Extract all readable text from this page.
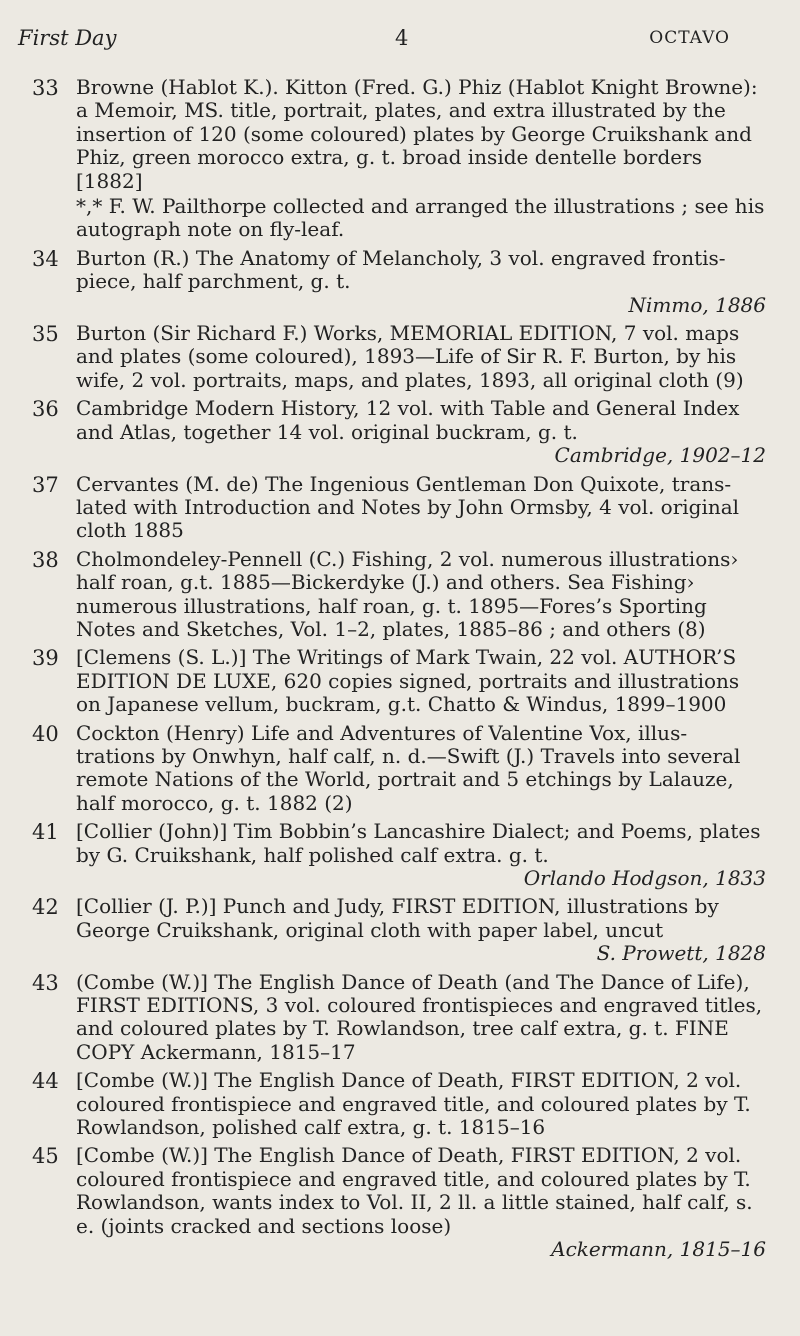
First Day	4	OCTAVO
33 Browne (Hablot K.). Kitton (Fred. G.) Phiz (Hablot Knight Browne): a Memoir, MS. title, portrait, plates, and extra illustrated by the insertion of 120 (some coloured) plates by George Cruikshank and Phiz, green morocco extra, g. t. broad inside dentelle borders [1882]
*,* F. W. Pailthorpe collected and arranged the illustrations ; see his autograph note on fly-leaf.
34 Burton (R.) The Anatomy of Melancholy, 3 vol. engraved frontis-piece, half parchment, g. t.
Nimmo, 1886
35 Burton (Sir Richard F.) Works, MEMORIAL EDITION, 7 vol. maps and plates (some coloured), 1893—Life of Sir R. F. Burton, by his wife, 2 vol. portraits, maps, and plates, 1893, all original cloth (9)
36 Cambridge Modern History, 12 vol. with Table and General Index and Atlas, together 14 vol. original buckram, g. t.
Cambridge, 1902–12
37 Cervantes (M. de) The Ingenious Gentleman Don Quixote, trans-lated with Introduction and Notes by John Ormsby, 4 vol. original cloth 1885
38 Cholmondeley-Pennell (C.) Fishing, 2 vol. numerous illustrations› half roan, g.t. 1885—Bickerdyke (J.) and others. Sea Fishing› numerous illustrations, half roan, g. t. 1895—Fores’s Sporting Notes and Sketches, Vol. 1–2, plates, 1885–86 ; and others (8)
39 [Clemens (S. L.)] The Writings of Mark Twain, 22 vol. AUTHOR’S EDITION DE LUXE, 620 copies signed, portraits and illustrations on Japanese vellum, buckram, g.t. Chatto & Windus, 1899–1900
40 Cockton (Henry) Life and Adventures of Valentine Vox, illus-trations by Onwhyn, half calf, n. d.—Swift (J.) Travels into several remote Nations of the World, portrait and 5 etchings by Lalauze, half morocco, g. t. 1882 (2)
41 [Collier (John)] Tim Bobbin’s Lancashire Dialect; and Poems, plates by G. Cruikshank, half polished calf extra. g. t.
Orlando Hodgson, 1833
42 [Collier (J. P.)] Punch and Judy, FIRST EDITION, illustrations by George Cruikshank, original cloth with paper label, uncut
S. Prowett, 1828
43 (Combe (W.)] The English Dance of Death (and The Dance of Life), FIRST EDITIONS, 3 vol. coloured frontispieces and engraved titles, and coloured plates by T. Rowlandson, tree calf extra, g. t. FINE COPY Ackermann, 1815–17
44 [Combe (W.)] The English Dance of Death, FIRST EDITION, 2 vol. coloured frontispiece and engraved title, and coloured plates by T. Rowlandson, polished calf extra, g. t. 1815–16
45 [Combe (W.)] The English Dance of Death, FIRST EDITION, 2 vol. coloured frontispiece and engraved title, and coloured plates by T. Rowlandson, wants index to Vol. II, 2 ll. a little stained, half calf, s. e. (joints cracked and sections loose)
Ackermann, 1815–16
